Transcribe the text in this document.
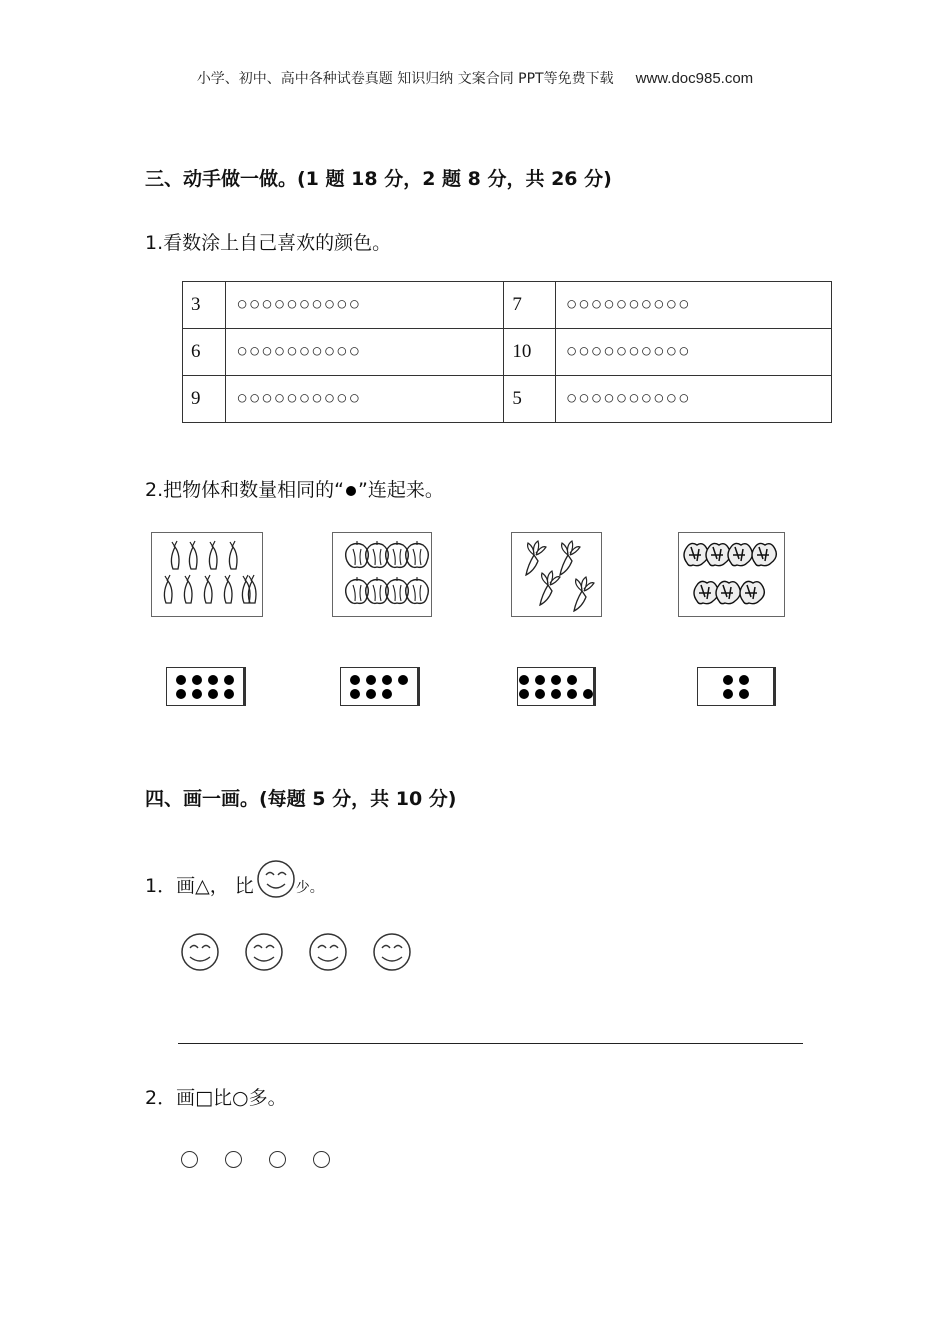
小学、初中、高中各种试卷真题 知识归纳 文案合同 PPT等免费下载 www.doc985.com
三、动手做一做。(1 题 18 分，2 题 8 分，共 26 分)
1.看数涂上自己喜欢的颜色。
3	○○○○○○○○○○	7	○○○○○○○○○○
6	○○○○○○○○○○	10	○○○○○○○○○○
9	○○○○○○○○○○	5	○○○○○○○○○○
2.把物体和数量相同的“ ”连起来。
四、画一画。(每题 5 分，共 10 分)
1．画△， 比	少。
2．画□比○多。
